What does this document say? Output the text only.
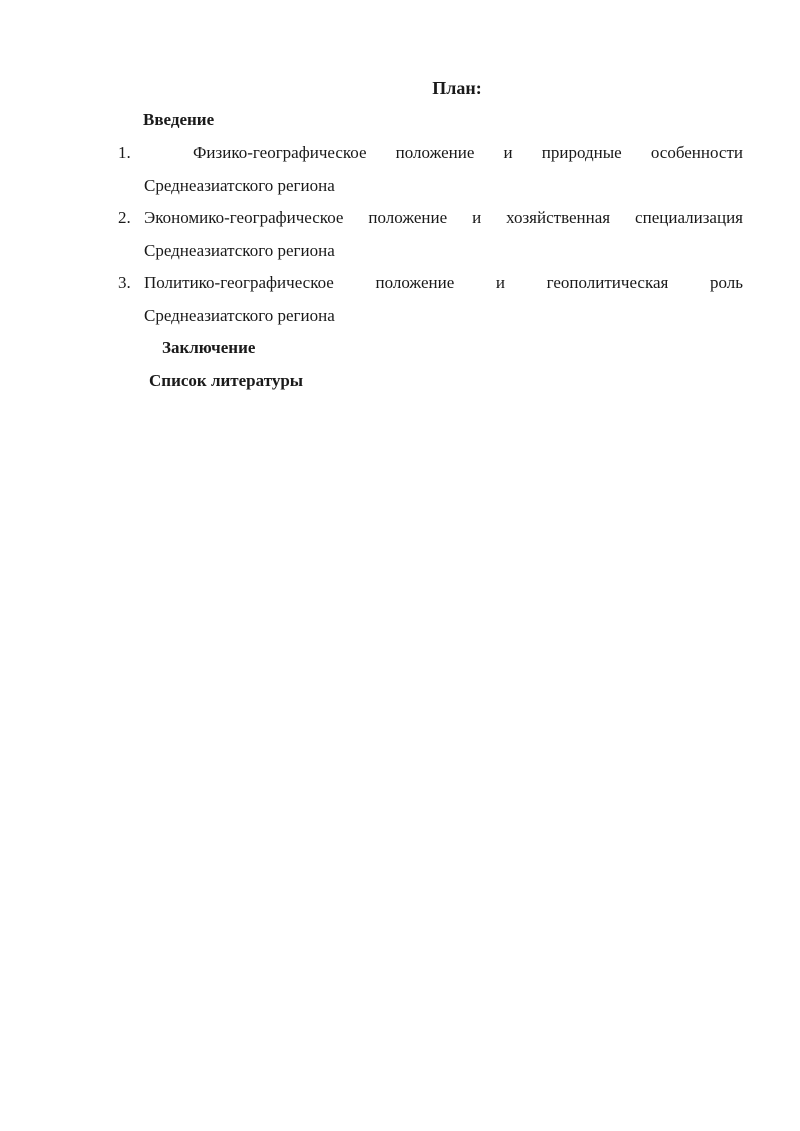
План:
Введение
1.	Физико-географическое положение и природные особенности
Среднеазиатского региона
2. Экономико-географическое положение и хозяйственная специализация
Среднеазиатского региона
3. Политико-географическое положение и геополитическая роль
Среднеазиатского региона
Заключение
Список литературы
